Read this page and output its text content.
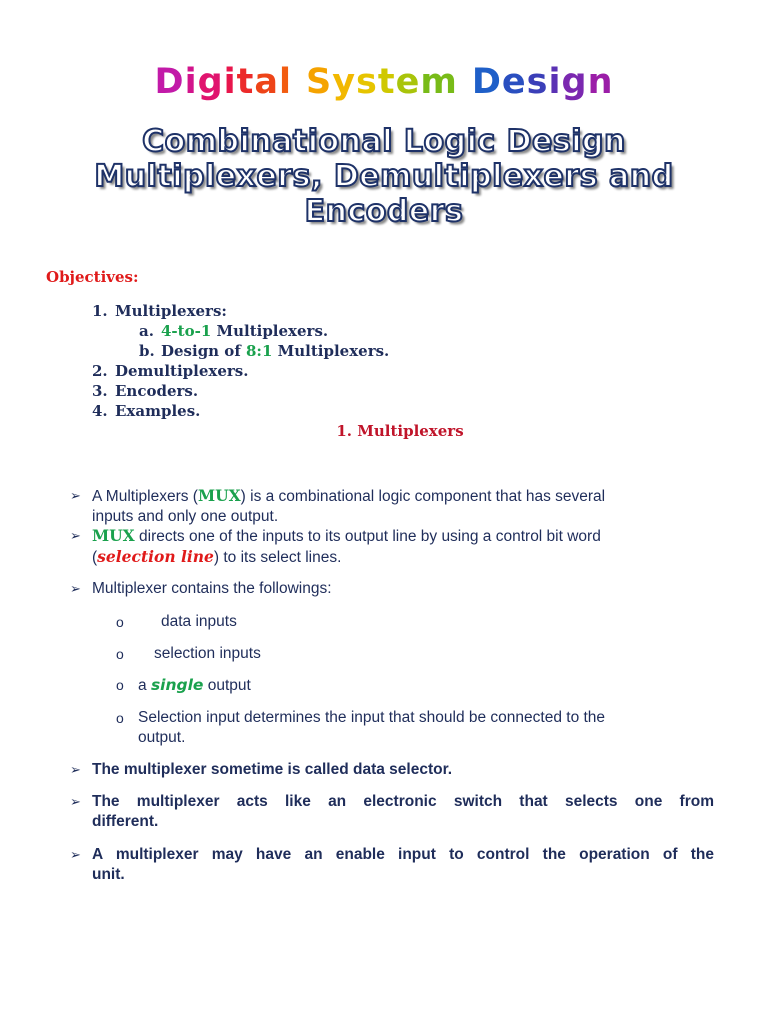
Digital System Design
Combinational Logic Design
Multiplexers, Demultiplexers and
Encoders
Objectives:
1. Multiplexers:
a. 4-to-1 Multiplexers.
b. Design of 8:1 Multiplexers.
2. Demultiplexers.
3. Encoders.
4. Examples.
1. Multiplexers
➢ A Multiplexers (MUX) is a combinational logic component that has several
inputs and only one output.
➢ MUX directs one of the inputs to its output line by using a control bit word
(selection line) to its select lines.
➢ Multiplexer contains the followings:
o data inputs
o selection inputs
o a single output
o Selection input determines the input that should be connected to the
output.
➢ The multiplexer sometime is called data selector.
➢ The multiplexer acts like an electronic switch that selects one from
different.
➢ A multiplexer may have an enable input to control the operation of the
unit.
